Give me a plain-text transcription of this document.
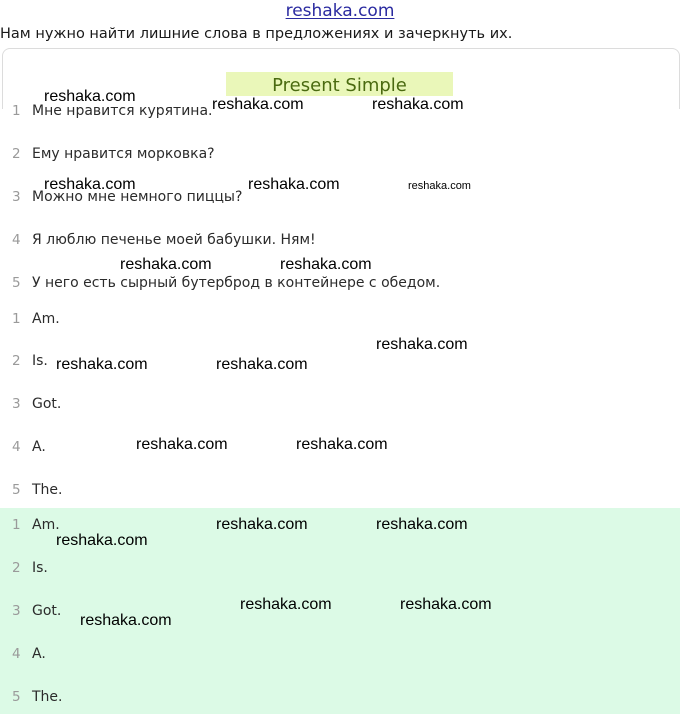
reshaka.com
Нам нужно найти лишние слова в предложениях и зачеркнуть их.
Present Simple
1 Мне нравится курятина.
2 Ему нравится морковка?
3 Можно мне немного пиццы?
4 Я люблю печенье моей бабушки. Ням!
5 У него есть сырный бутерброд в контейнере с обедом.
1 Am.
2 Is.
3 Got.
4 A.
5 The.
1 Am.
2 Is.
3 Got.
4 A.
5 The.
reshaka.com	reshaka.com	reshaka.com
reshaka.com	reshaka.com	reshaka.com
reshaka.com	reshaka.com
reshaka.com
reshaka.com	reshaka.com
reshaka.com	reshaka.com
reshaka.com	reshaka.com
reshaka.com
reshaka.com	reshaka.com
reshaka.com
